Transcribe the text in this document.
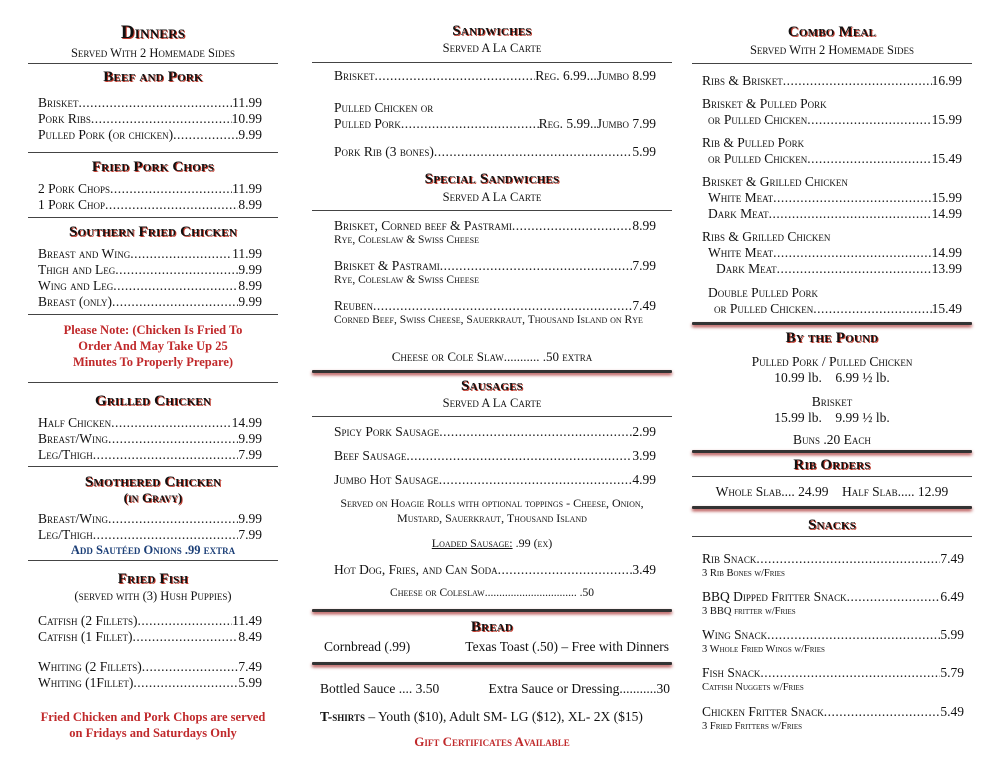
Dinners
Served With 2 Homemade Sides
Beef and Pork
Brisket .....	11.99
Pork Ribs .....	10.99
Pulled Pork (or chicken) .....	9.99
Fried Pork Chops
2 Pork Chops .....	11.99
1 Pork Chop .....	8.99
Southern Fried Chicken
Breast and Wing .....	11.99
Thigh and Leg .....	9.99
Wing and Leg .....	8.99
Breast (only) .....	9.99
Please Note: (Chicken Is Fried To
Order And May Take Up 25
Minutes To Properly Prepare)
Grilled Chicken
Half Chicken .....	14.99
Breast/Wing .....	9.99
Leg/Thigh .....	7.99
Smothered Chicken
(in Gravy)
Breast/Wing .....	9.99
Leg/Thigh .....	7.99
Add Sautéed Onions .99 extra
Fried Fish
(served with (3) Hush Puppies)
Catfish (2 Fillets) .....	11.49
Catfish (1 Fillet) .....	8.49
Whiting (2 Fillets) .....	7.49
Whiting (1Fillet) .....	5.99
Fried Chicken and Pork Chops are served
on Fridays and Saturdays Only
Sandwiches
Served A La Carte
Brisket .....	Reg. 6.99 ... Jumbo 8.99
Pulled Chicken or
Pulled Pork .....	Reg. 5.99 .. Jumbo 7.99
Pork Rib (3 bones) .....	5.99
Special Sandwiches
Served A La Carte
Brisket, Corned beef & Pastrami .....	8.99
Rye, Coleslaw & Swiss Cheese
Brisket & Pastrami .....	7.99
Rye, Coleslaw & Swiss Cheese
Reuben .....	7.49
Corned Beef, Swiss Cheese, Sauerkraut, Thousand Island on Rye
Cheese or Cole Slaw........... .50 extra
Sausages
Served A La Carte
Spicy Pork Sausage .....	2.99
Beef Sausage .....	3.99
Jumbo Hot Sausage .....	4.99
Served on Hoagie Rolls with optional toppings - Cheese, Onion, Mustard, Sauerkraut, Thousand Island
Loaded Sausage: .99 (ex)
Hot Dog, Fries, and Can Soda .....	3.49
Cheese or Coleslaw................................ .50
Bread
Cornbread (.99)	Texas Toast (.50) – Free with Dinners
Bottled Sauce .... 3.50	Extra Sauce or Dressing...........30
T-shirts – Youth ($10), Adult SM- LG ($12), XL- 2X ($15)
Gift Certificates Available
Combo Meal
Served With 2 Homemade Sides
Ribs & Brisket .....	16.99
Brisket & Pulled Pork
or Pulled Chicken .....	15.99
Rib & Pulled Pork
or Pulled Chicken .....	15.49
Brisket & Grilled Chicken
White Meat .....	15.99
Dark Meat .....	14.99
Ribs & Grilled Chicken
White Meat .....	14.99
Dark Meat .....	13.99
Double Pulled Pork
or Pulled Chicken .....	15.49
By the Pound
Pulled Pork / Pulled Chicken
10.99 lb.    6.99 ½ lb.
Brisket
15.99 lb.    9.99 ½ lb.
Buns .20 Each
Rib Orders
Whole Slab.... 24.99    Half Slab..... 12.99
Snacks
Rib Snack .....	7.49
3 Rib Bones w/Fries
BBQ Dipped Fritter Snack .....	6.49
3 BBQ fritter w/Fries
Wing Snack .....	5.99
3 Whole Fried Wings w/Fries
Fish Snack .....	5.79
Catfish Nuggets w/Fries
Chicken Fritter Snack .....	5.49
3 Fried Fritters w/Fries
